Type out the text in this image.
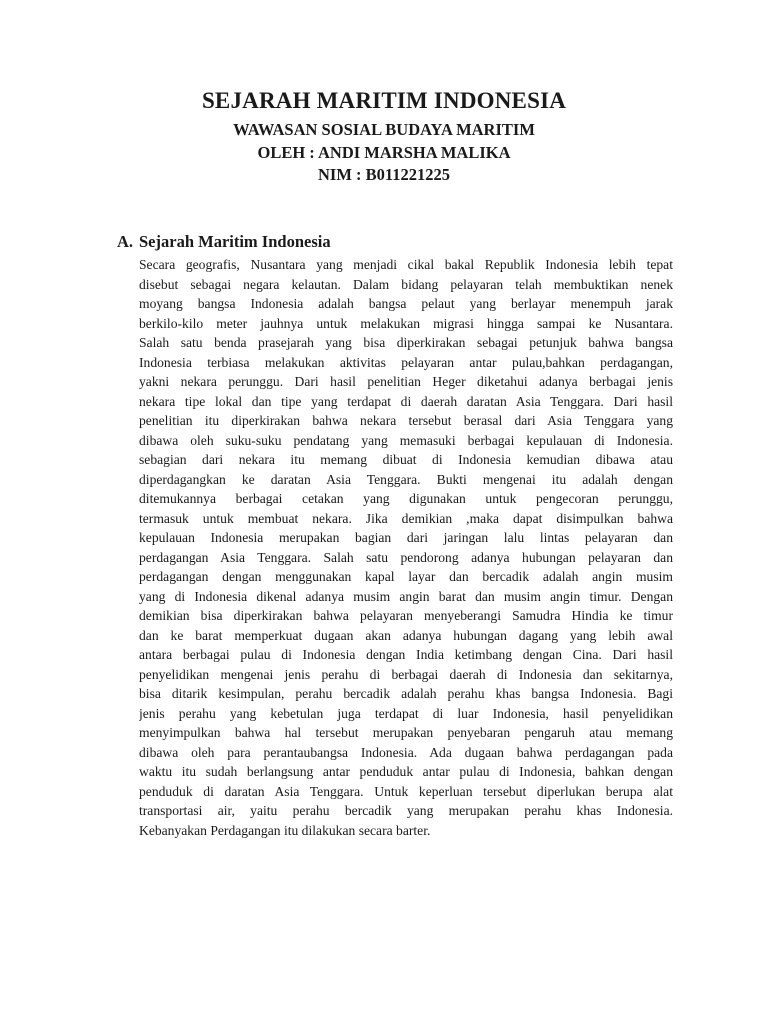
SEJARAH MARITIM INDONESIA
WAWASAN SOSIAL BUDAYA MARITIM
OLEH : ANDI MARSHA MALIKA
NIM : B011221225
A. Sejarah Maritim Indonesia
Secara geografis, Nusantara yang menjadi cikal bakal Republik Indonesia lebih tepat
disebut sebagai negara kelautan. Dalam bidang pelayaran telah membuktikan nenek
moyang bangsa Indonesia adalah bangsa pelaut yang berlayar menempuh jarak
berkilo-kilo meter jauhnya untuk melakukan migrasi hingga sampai ke Nusantara.
Salah satu benda prasejarah yang bisa diperkirakan sebagai petunjuk bahwa bangsa
Indonesia terbiasa melakukan aktivitas pelayaran antar pulau,bahkan perdagangan,
yakni nekara perunggu. Dari hasil penelitian Heger diketahui adanya berbagai jenis
nekara tipe lokal dan tipe yang terdapat di daerah daratan Asia Tenggara. Dari hasil
penelitian itu diperkirakan bahwa nekara tersebut berasal dari Asia Tenggara yang
dibawa oleh suku-suku pendatang yang memasuki berbagai kepulauan di Indonesia.
sebagian dari nekara itu memang dibuat di Indonesia kemudian dibawa atau
diperdagangkan ke daratan Asia Tenggara. Bukti mengenai itu adalah dengan
ditemukannya berbagai cetakan yang digunakan untuk pengecoran perunggu,
termasuk untuk membuat nekara. Jika demikian ,maka dapat disimpulkan bahwa
kepulauan Indonesia merupakan bagian dari jaringan lalu lintas pelayaran dan
perdagangan Asia Tenggara. Salah satu pendorong adanya hubungan pelayaran dan
perdagangan dengan menggunakan kapal layar dan bercadik adalah angin musim
yang di Indonesia dikenal adanya musim angin barat dan musim angin timur. Dengan
demikian bisa diperkirakan bahwa pelayaran menyeberangi Samudra Hindia ke timur
dan ke barat memperkuat dugaan akan adanya hubungan dagang yang lebih awal
antara berbagai pulau di Indonesia dengan India ketimbang dengan Cina. Dari hasil
penyelidikan mengenai jenis perahu di berbagai daerah di Indonesia dan sekitarnya,
bisa ditarik kesimpulan, perahu bercadik adalah perahu khas bangsa Indonesia. Bagi
jenis perahu yang kebetulan juga terdapat di luar Indonesia, hasil penyelidikan
menyimpulkan bahwa hal tersebut merupakan penyebaran pengaruh atau memang
dibawa oleh para perantaubangsa Indonesia. Ada dugaan bahwa perdagangan pada
waktu itu sudah berlangsung antar penduduk antar pulau di Indonesia, bahkan dengan
penduduk di daratan Asia Tenggara. Untuk keperluan tersebut diperlukan berupa alat
transportasi air, yaitu perahu bercadik yang merupakan perahu khas Indonesia.
Kebanyakan Perdagangan itu dilakukan secara barter.
